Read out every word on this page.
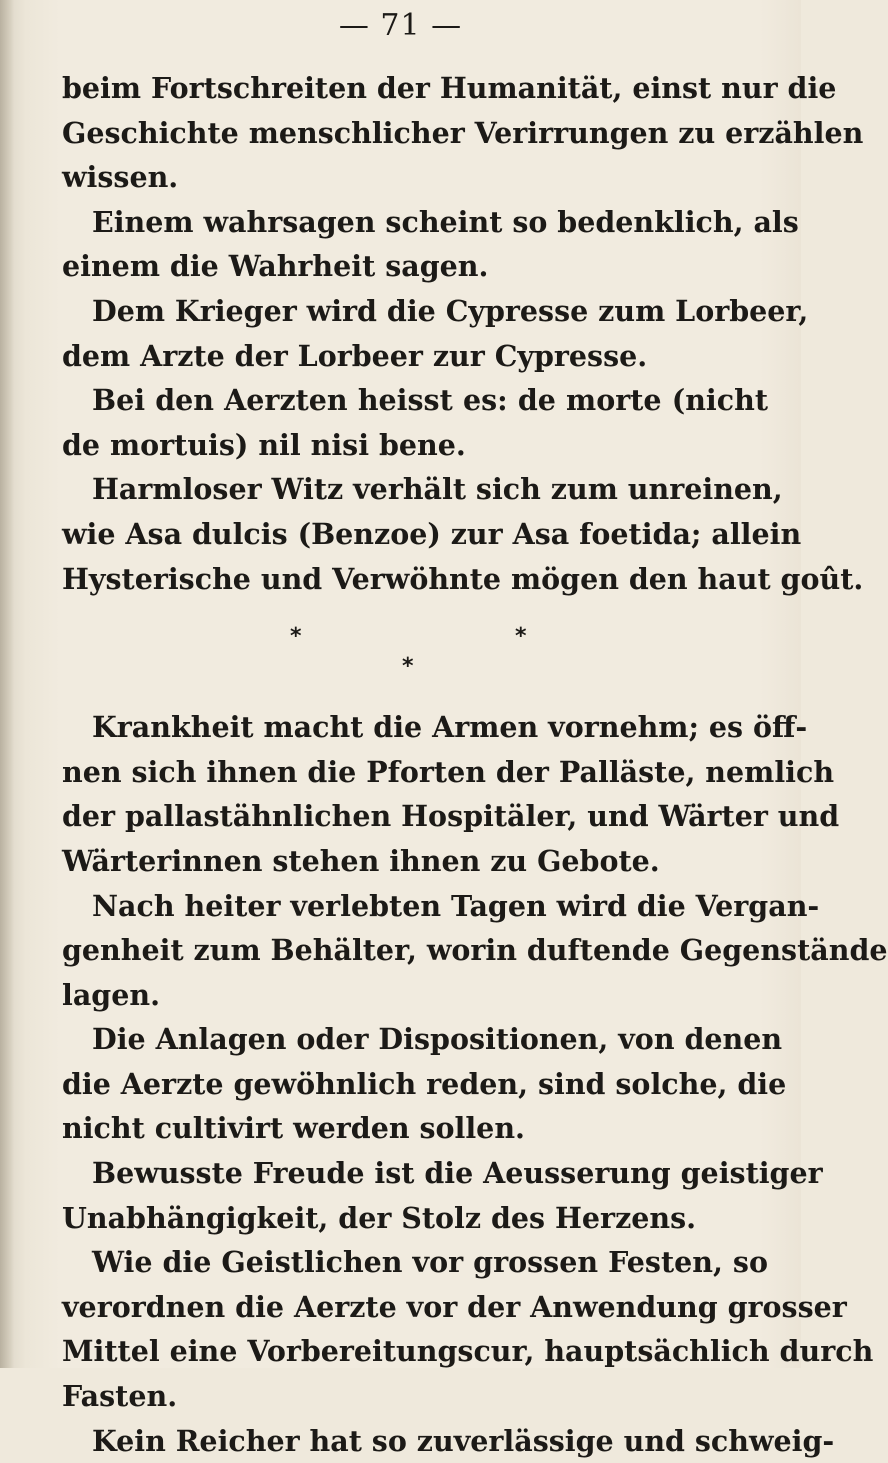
— 71 —
beim Fortschreiten der Humanität, einst nur die
Geschichte menschlicher Verirrungen zu erzählen
wissen.
Einem wahrsagen scheint so bedenklich, als
einem die Wahrheit sagen.
Dem Krieger wird die Cypresse zum Lorbeer,
dem Arzte der Lorbeer zur Cypresse.
Bei den Aerzten heisst es: de morte (nicht
de mortuis) nil nisi bene.
Harmloser Witz verhält sich zum unreinen,
wie Asa dulcis (Benzoe) zur Asa foetida; allein
Hysterische und Verwöhnte mögen den haut goût.
*	*
*
Krankheit macht die Armen vornehm; es öff-
nen sich ihnen die Pforten der Palläste, nemlich
der pallastähnlichen Hospitäler, und Wärter und
Wärterinnen stehen ihnen zu Gebote.
Nach heiter verlebten Tagen wird die Vergan-
genheit zum Behälter, worin duftende Gegenstände
lagen.
Die Anlagen oder Dispositionen, von denen
die Aerzte gewöhnlich reden, sind solche, die
nicht cultivirt werden sollen.
Bewusste Freude ist die Aeusserung geistiger
Unabhängigkeit, der Stolz des Herzens.
Wie die Geistlichen vor grossen Festen, so
verordnen die Aerzte vor der Anwendung grosser
Mittel eine Vorbereitungscur, hauptsächlich durch
Fasten.
Kein Reicher hat so zuverlässige und schweig-
